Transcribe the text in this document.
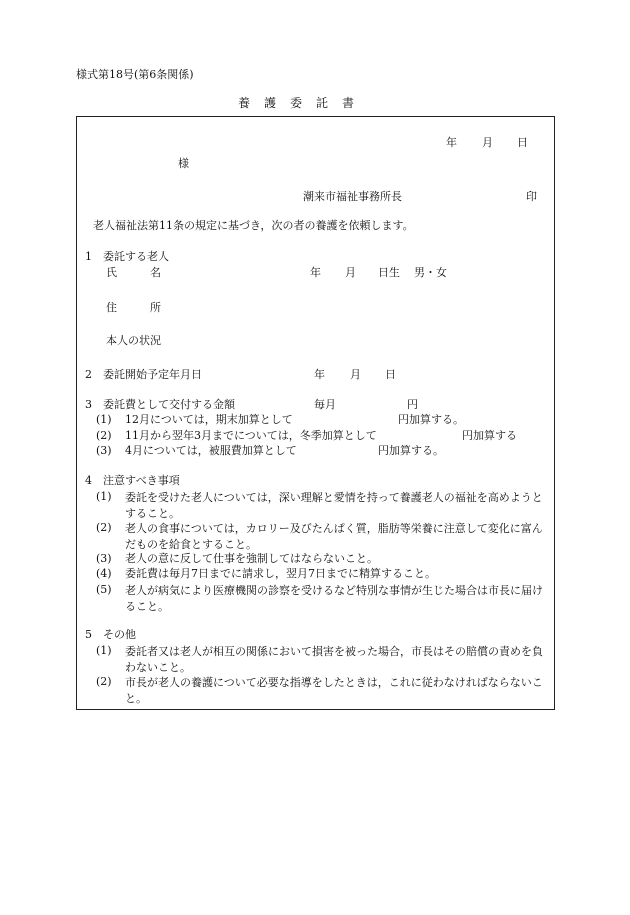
様式第18号(第6条関係)
養　護　委　託　書
年 月 日
様
潮来市福祉事務所長	印
老人福祉法第11条の規定に基づき，次の者の養護を依頼します。
1　委託する老人
氏　　　名	年 月 日生 男・女
住　　　所
本人の状況
2　委託開始予定年月日	年 月 日
3　委託費として交付する金額	毎月	円
(1) 12月については，期末加算として	円加算する。
(2) 11月から翌年3月までについては，冬季加算として	円加算する
(3) 4月については，被服費加算として	円加算する。
4　注意すべき事項
(1) 委託を受けた老人については，深い理解と愛情を持って養護老人の福祉を高めようとすること。
(2) 老人の食事については，カロリー及びたんぱく質，脂肪等栄養に注意して変化に富んだものを給食とすること。
(3) 老人の意に反して仕事を強制してはならないこと。
(4) 委託費は毎月7日までに請求し，翌月7日までに精算すること。
(5) 老人が病気により医療機関の診察を受けるなど特別な事情が生じた場合は市長に届けること。
5　その他
(1) 委託者又は老人が相互の関係において損害を被った場合，市長はその賠償の責めを負わないこと。
(2) 市長が老人の養護について必要な指導をしたときは，これに従わなければならないこと。
